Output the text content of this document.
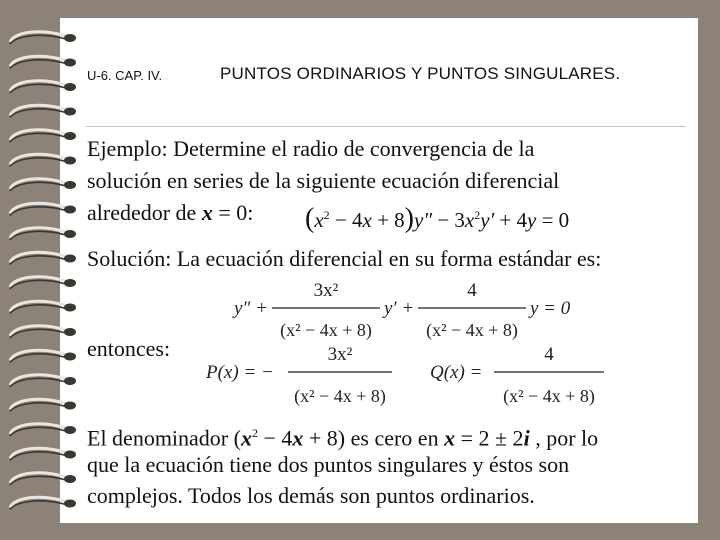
U-6. CAP. IV.	PUNTOS ORDINARIOS Y PUNTOS SINGULARES.
Ejemplo: Determine el radio de convergencia de la
solución en series de la siguiente ecuación diferencial
alrededor de x = 0: $(x^2 - 4x + 8)y'' - 3x^2y' + 4y = 0$
Solución: La ecuación diferencial en su forma estándar es:
y″ +
3x²
(x² − 4x + 8)
y′ +
4
(x² − 4x + 8)
y = 0
entonces:
P(x) = −
3x²
(x² − 4x + 8)
Q(x) =
4
(x² − 4x + 8)
El denominador $(x^2 - 4x + 8)$ es cero en x = 2 ± 2i , por lo
que la ecuación tiene dos puntos singulares y éstos son
complejos. Todos los demás son puntos ordinarios.
